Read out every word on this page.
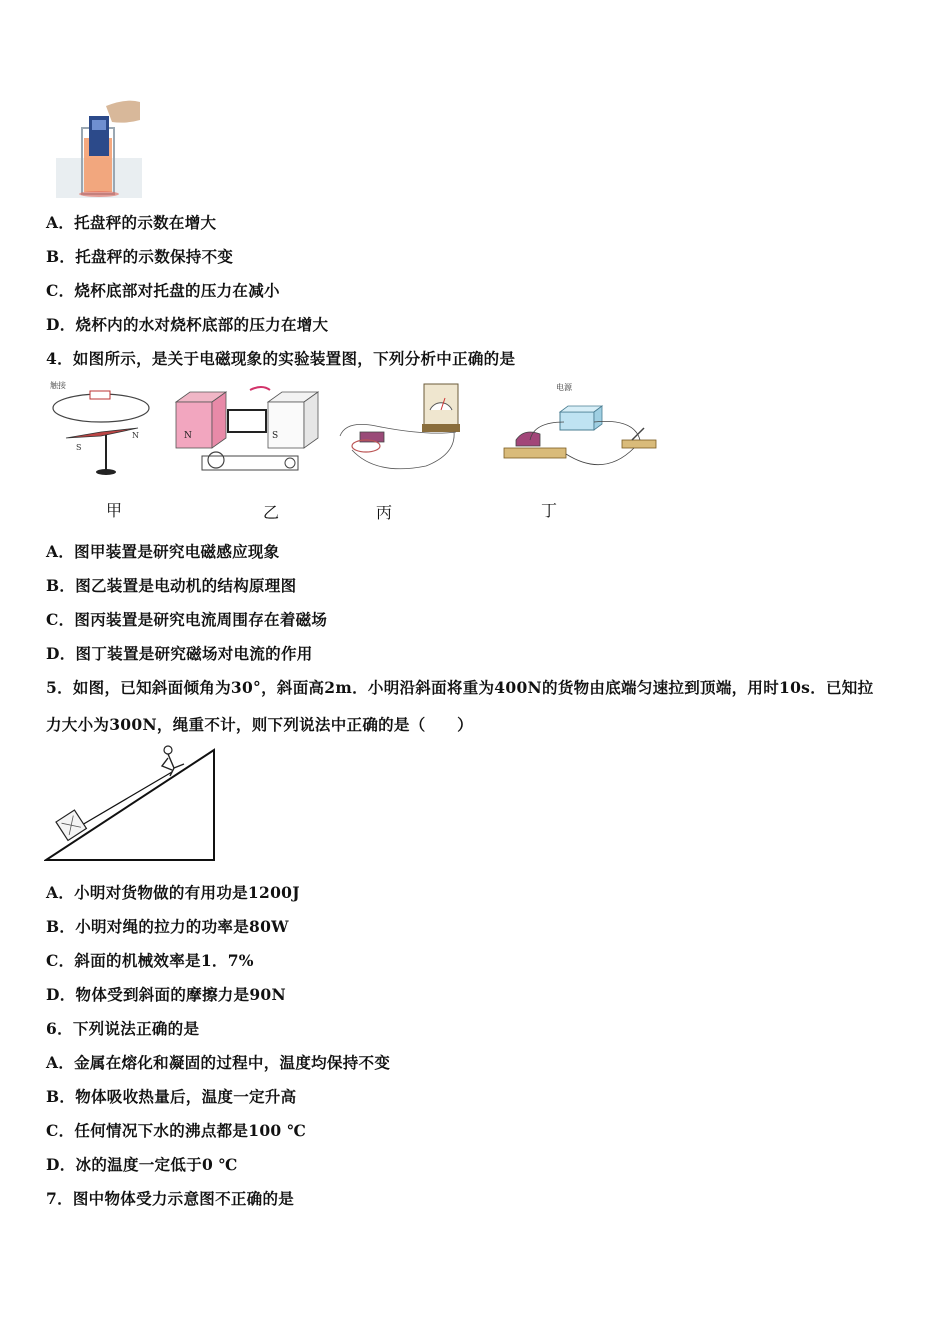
A．托盘秤的示数在增大
B．托盘秤的示数保持不变
C．烧杯底部对托盘的压力在减小
D．烧杯内的水对烧杯底部的压力在增大
4．如图所示，是关于电磁现象的实验装置图，下列分析中正确的是
触接
S
N	N	S
电源
甲	乙	丙	丁
A．图甲装置是研究电磁感应现象
B．图乙装置是电动机的结构原理图
C．图丙装置是研究电流周围存在着磁场
D．图丁装置是研究磁场对电流的作用
5．如图，已知斜面倾角为30°，斜面高2m．小明沿斜面将重为400N的货物由底端匀速拉到顶端，用时10s．已知拉
力大小为300N，绳重不计，则下列说法中正确的是（　　）
A．小明对货物做的有用功是1200J
B．小明对绳的拉力的功率是80W
C．斜面的机械效率是1．7%
D．物体受到斜面的摩擦力是90N
6．下列说法正确的是
A．金属在熔化和凝固的过程中，温度均保持不变
B．物体吸收热量后，温度一定升高
C．任何情况下水的沸点都是100 ℃
D．冰的温度一定低于0 ℃
7．图中物体受力示意图不正确的是
